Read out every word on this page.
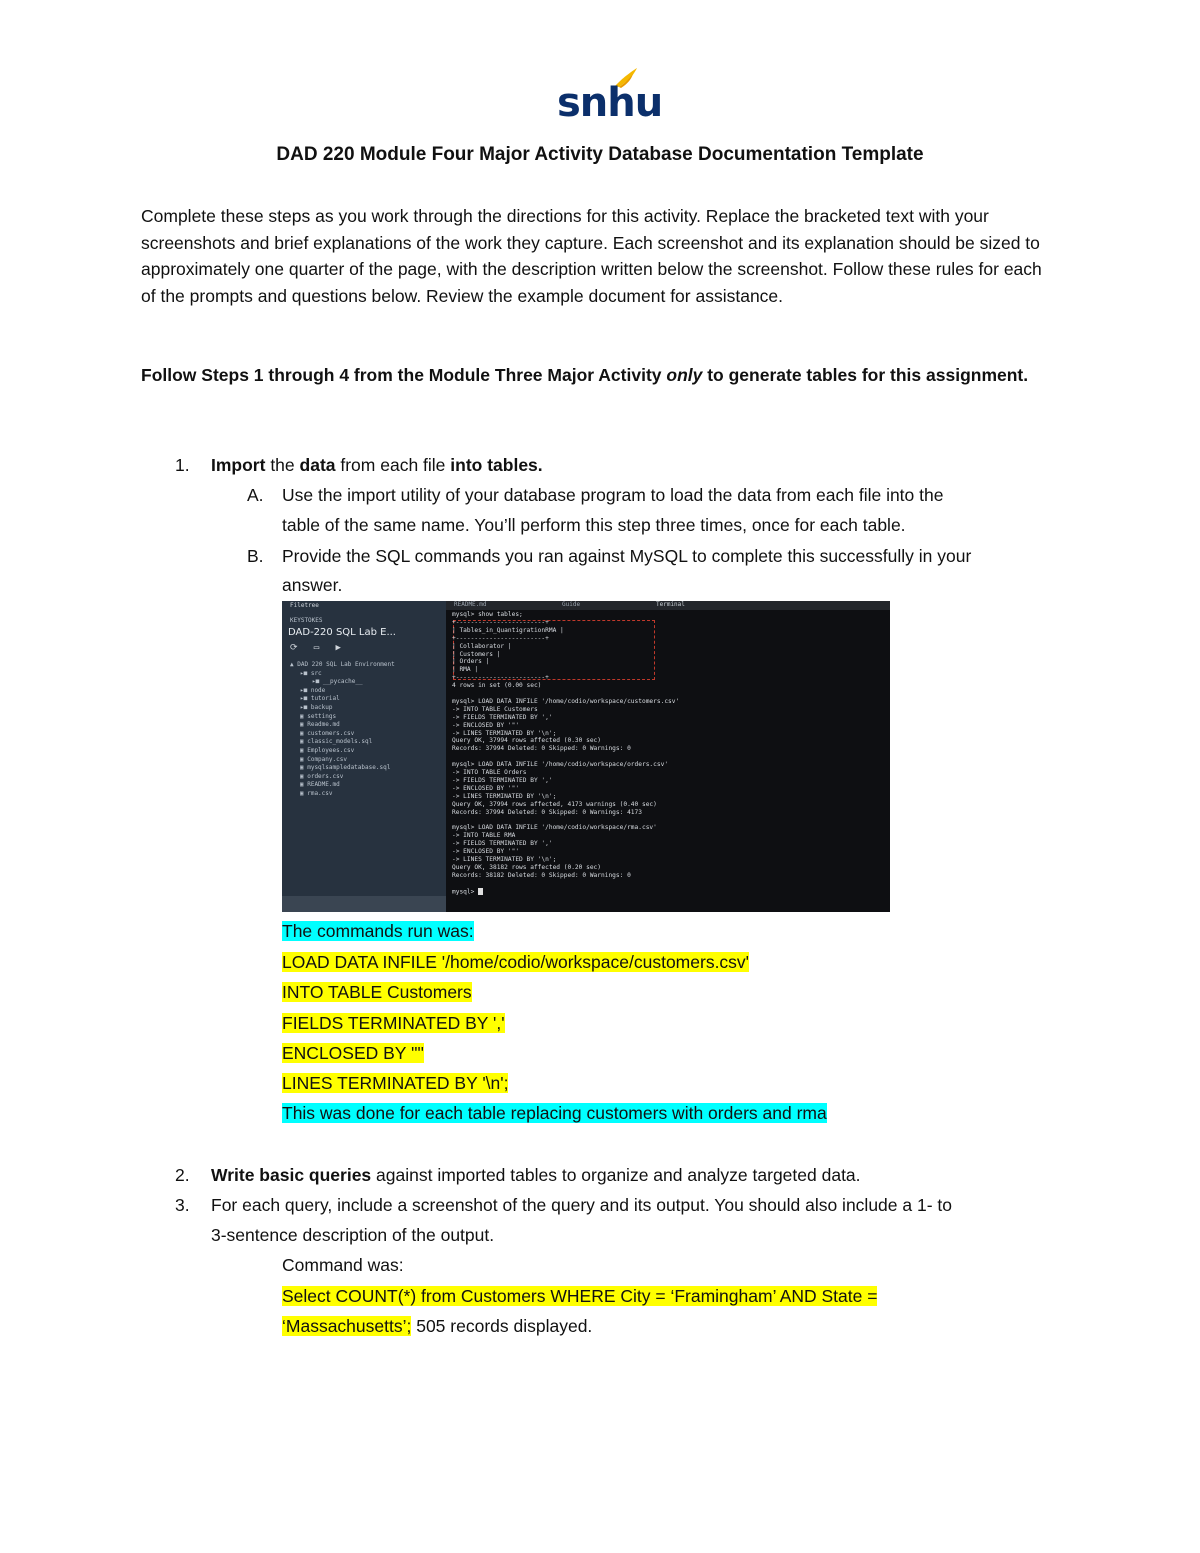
snhu
DAD 220 Module Four Major Activity Database Documentation Template
Complete these steps as you work through the directions for this activity. Replace the bracketed text with your screenshots and brief explanations of the work they capture. Each screenshot and its explanation should be sized to approximately one quarter of the page, with the description written below the screenshot. Follow these rules for each of the prompts and questions below. Review the example document for assistance.
Follow Steps 1 through 4 from the Module Three Major Activity only to generate tables for this assignment.
1. Import the data from each file into tables.
A. Use the import utility of your database program to load the data from each file into the
table of the same name. You’ll perform this step three times, once for each table.
B. Provide the SQL commands you ran against MySQL to complete this successfully in your
answer.
Filetree
KEYSTOKES
DAD-220 SQL Lab E...
⟳   ▭   ▶
▲ DAD 220 SQL Lab Environment
▸■ src
▸■ __pycache__
▸■ node
▸■ tutorial
▸■ backup
▣ settings
▣ Readme.md
▣ customers.csv
▣ classic_models.sql
▣ Employees.csv
▣ Company.csv
▣ mysqlsampledatabase.sql
▣ orders.csv
▣ README.md
▣ rma.csv
README.md	Guide	Terminal
mysql> show tables;
+------------------------+
| Tables_in_QuantigrationRMA |
+------------------------+
| Collaborator |
| Customers |
| Orders |
| RMA |
+------------------------+
4 rows in set (0.00 sec)
mysql> LOAD DATA INFILE '/home/codio/workspace/customers.csv'
-> INTO TABLE Customers
-> FIELDS TERMINATED BY ','
-> ENCLOSED BY '"'
-> LINES TERMINATED BY '\n';
Query OK, 37994 rows affected (0.30 sec)
Records: 37994 Deleted: 0 Skipped: 0 Warnings: 0
mysql> LOAD DATA INFILE '/home/codio/workspace/orders.csv'
-> INTO TABLE Orders
-> FIELDS TERMINATED BY ','
-> ENCLOSED BY '"'
-> LINES TERMINATED BY '\n';
Query OK, 37994 rows affected, 4173 warnings (0.40 sec)
Records: 37994 Deleted: 0 Skipped: 0 Warnings: 4173
mysql> LOAD DATA INFILE '/home/codio/workspace/rma.csv'
-> INTO TABLE RMA
-> FIELDS TERMINATED BY ','
-> ENCLOSED BY '"'
-> LINES TERMINATED BY '\n';
Query OK, 38182 rows affected (0.20 sec)
Records: 38182 Deleted: 0 Skipped: 0 Warnings: 0
mysql>
The commands run was:
LOAD DATA INFILE '/home/codio/workspace/customers.csv'
INTO TABLE Customers
FIELDS TERMINATED BY ','
ENCLOSED BY '"'
LINES TERMINATED BY '\n';
This was done for each table replacing customers with orders and rma
2. Write basic queries against imported tables to organize and analyze targeted data.
3. For each query, include a screenshot of the query and its output. You should also include a 1- to
3-sentence description of the output.
Command was:
Select COUNT(*) from Customers WHERE City = ‘Framingham’ AND State =
‘Massachusetts’; 505 records displayed.
